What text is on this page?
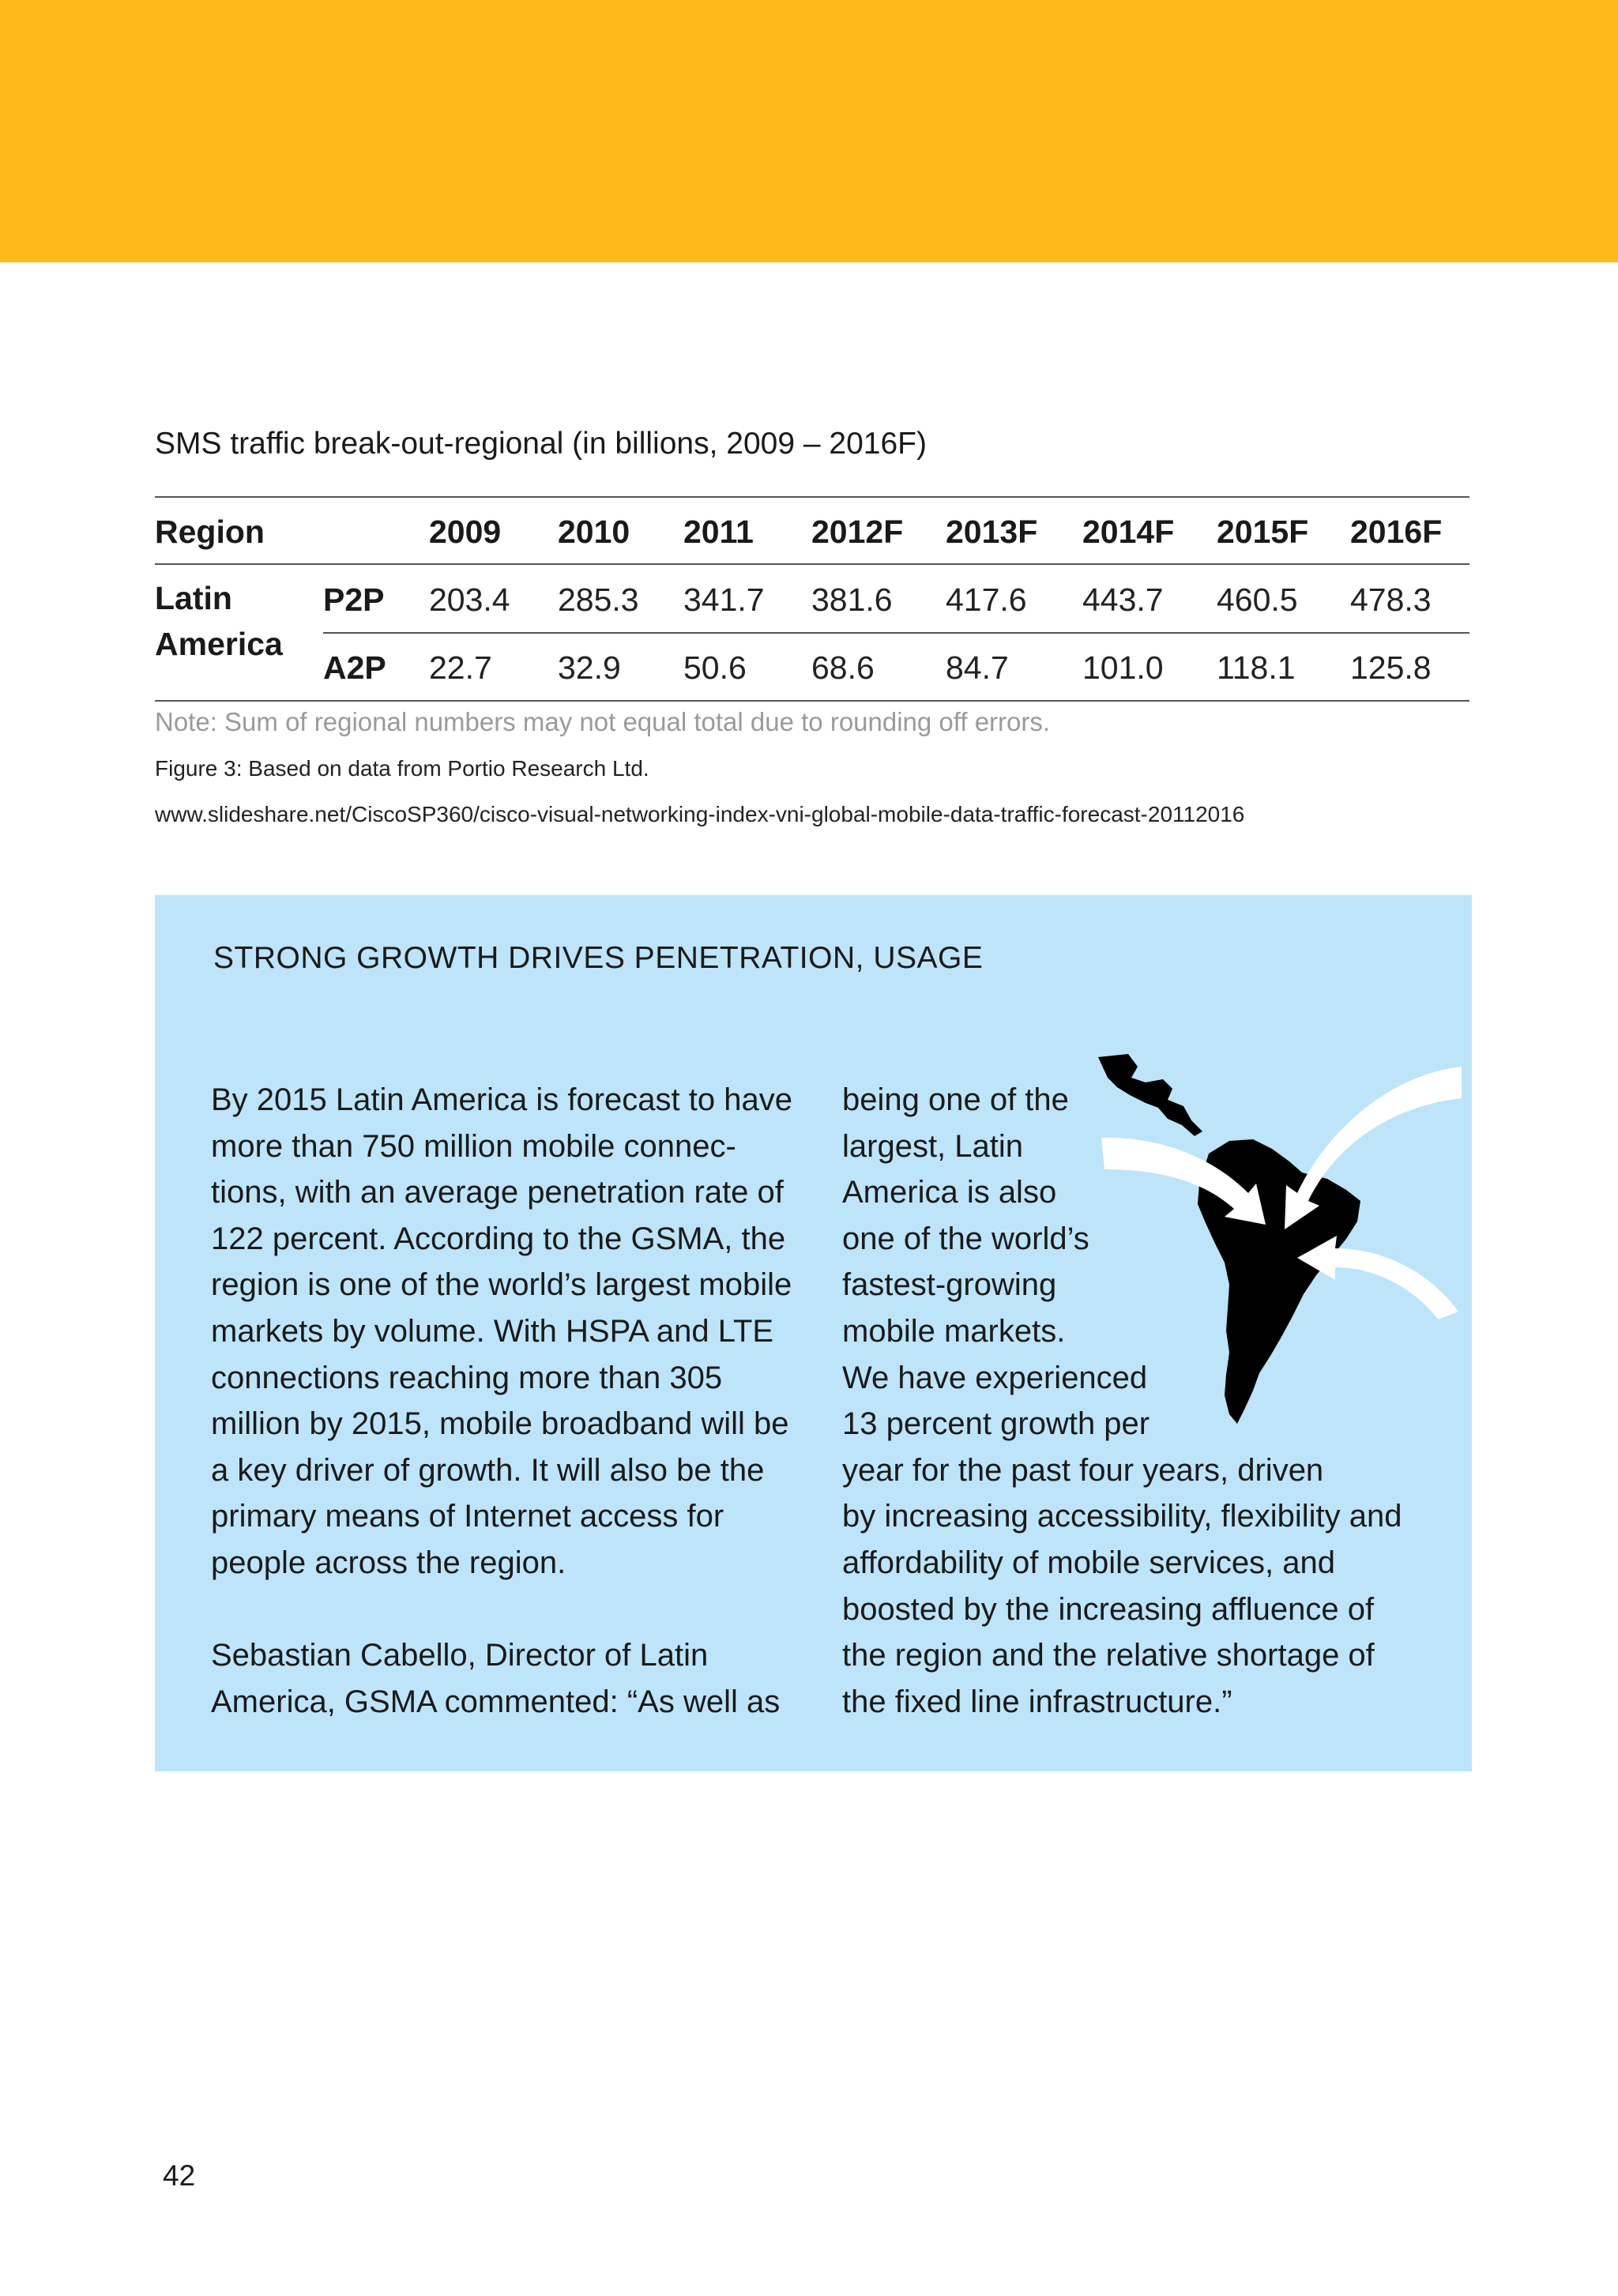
SMS traffic break-out-regional (in billions, 2009 – 2016F)
Region	2009 2010 2011 2012F 2013F 2014F 2015F 2016F
Latin
America
P2P 203.4 285.3 341.7 381.6 417.6 443.7 460.5 478.3
A2P 22.7 32.9 50.6 68.6 84.7 101.0 118.1 125.8
Note: Sum of regional numbers may not equal total due to rounding off errors.
Figure 3: Based on data from Portio Research Ltd.
www.slideshare.net/CiscoSP360/cisco-visual-networking-index-vni-global-mobile-data-traffic-forecast-20112016
STRONG GROWTH DRIVES PENETRATION, USAGE

By 2015 Latin America is forecast to have

more than 750 million mobile connec-

tions, with an average penetration rate of

122 percent. According to the GSMA, the

region is one of the world’s largest mobile

markets by volume. With HSPA and LTE

connections reaching more than 305

million by 2015, mobile broadband will be

a key driver of growth. It will also be the

primary means of Internet access for

people across the region.

Sebastian Cabello, Director of Latin

America, GSMA commented: “As well as

being one of the

largest, Latin

America is also

one of the world’s

fastest-growing

mobile markets.

We have experienced

13 percent growth per

year for the past four years, driven

by increasing accessibility, flexibility and

affordability of mobile services, and

boosted by the increasing affluence of

the region and the relative shortage of

the fixed line infrastructure.”

42
